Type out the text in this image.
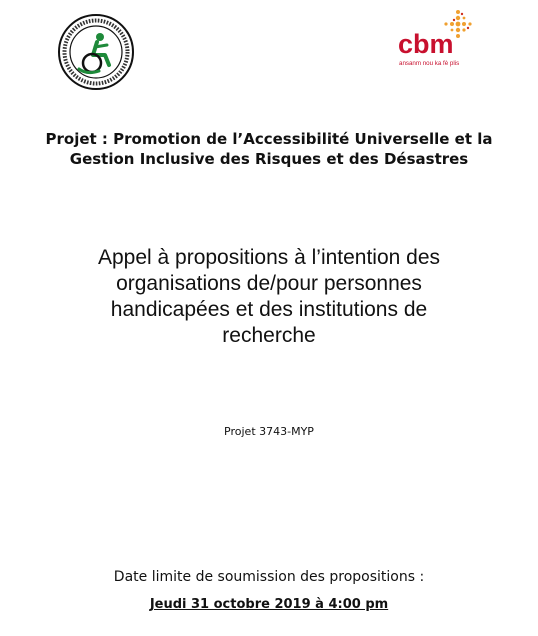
cbm
ansanm nou ka fè plis
Projet : Promotion de l’Accessibilité Universelle et la
Gestion Inclusive des Risques et des Désastres
Appel à propositions à l’intention des
organisations de/pour personnes
handicapées et des institutions de
recherche
Projet 3743-MYP
Date limite de soumission des propositions :
Jeudi 31 octobre 2019 à 4:00 pm
